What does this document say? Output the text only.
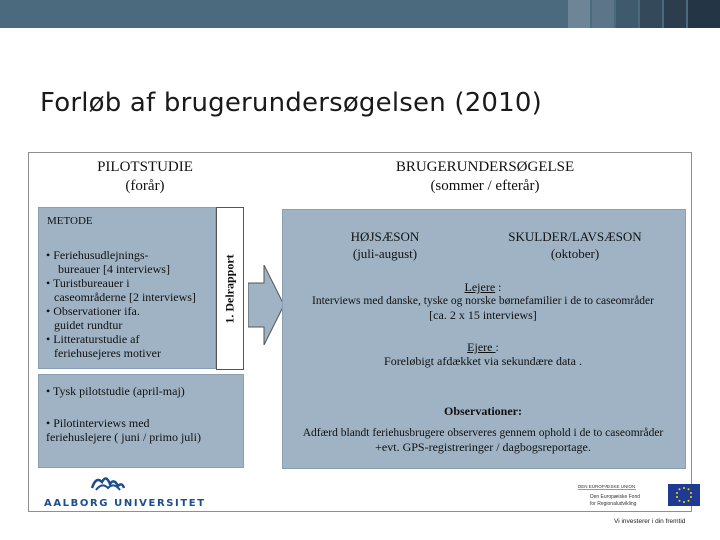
Forløb af brugerundersøgelsen (2010)
PILOTSTUDIE
(forår)
BRUGERUNDERSØGELSE
(sommer / efterår)
METODE
• Feriehusudlejnings-
bureauer [4 interviews]
• Turistbureauer i
caseområderne [2 interviews]
• Observationer ifa.
guidet rundtur
• Litteraturstudie af
feriehusejeres motiver
1. Delrapport
• Tysk pilotstudie (april-maj)
• Pilotinterviews med
feriehuslejere ( juni / primo juli)
HØJSÆSON
(juli-august)
SKULDER/LAVSÆSON
(oktober)
Lejere :
Interviews med danske, tyske og norske børnefamilier i de to caseområder
[ca. 2 x 15 interviews]
Ejere :
Foreløbigt afdækket via sekundære data .
Observationer:
Adfærd blandt feriehusbrugere observeres gennem ophold i de to caseområder
+evt. GPS-registreringer / dagbogsreportage.
AALBORG UNIVERSITET
DEN EUROPÆISKE UNION
Den Europæiske Fond
for Regionaludvikling
Vi investerer i din fremtid
